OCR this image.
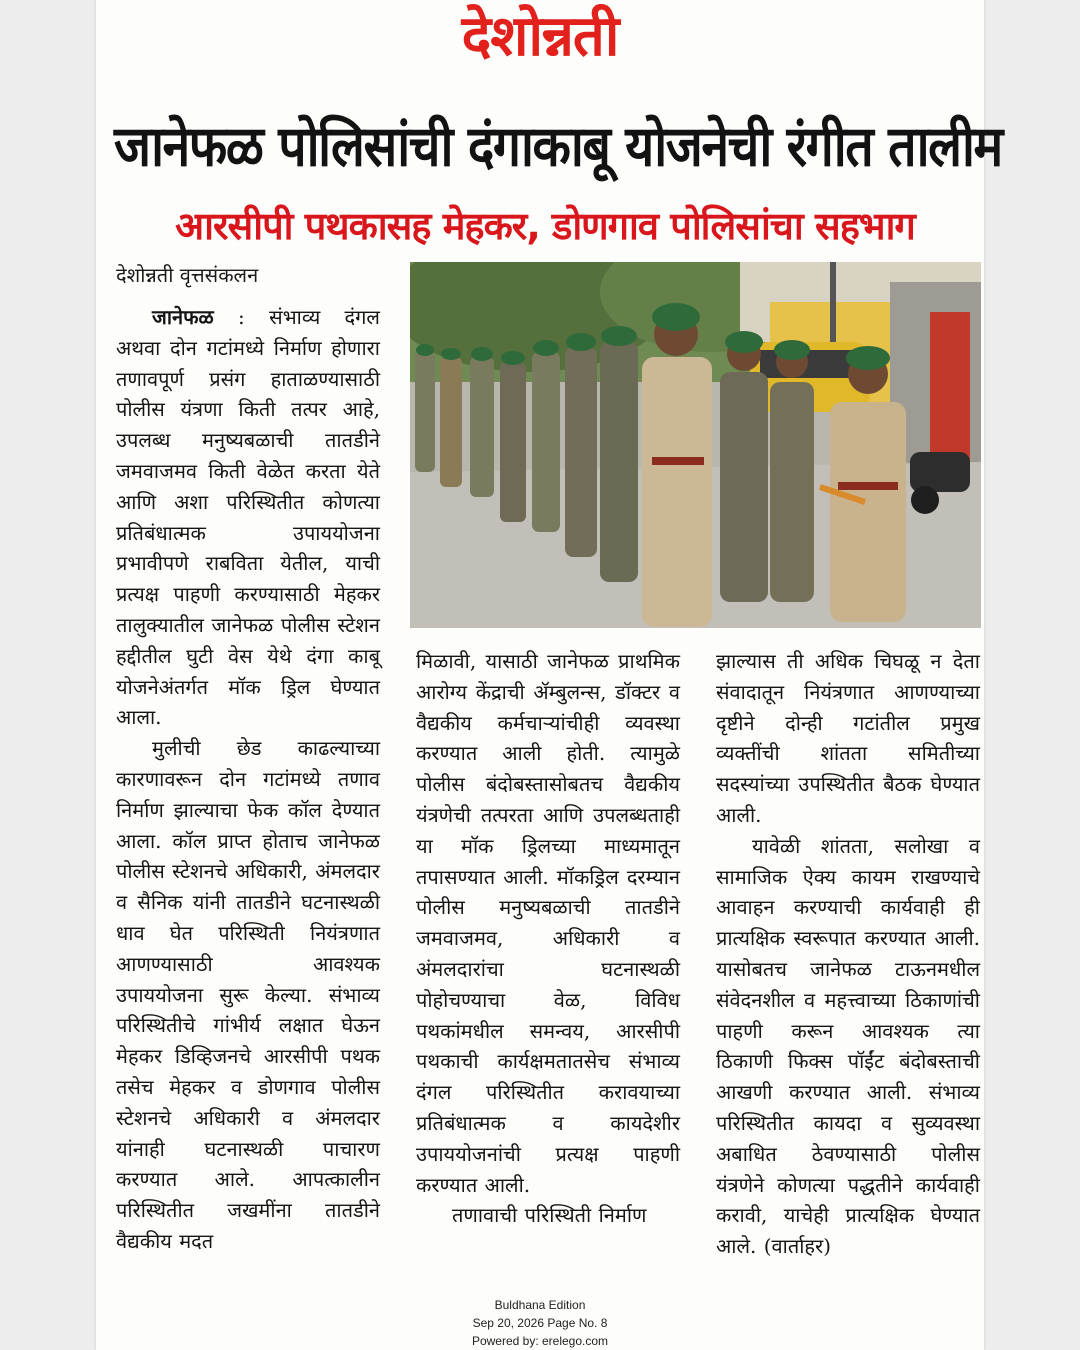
देशोन्नती
जानेफळ पोलिसांची दंगाकाबू योजनेची रंगीत तालीम
आरसीपी पथकासह मेहकर, डोणगाव पोलिसांचा सहभाग
देशोन्नती वृत्तसंकलन

जानेफळ : संभाव्य दंगल अथवा दोन गटांमध्ये निर्माण होणारा तणावपूर्ण प्रसंग हाताळण्यासाठी पोलीस यंत्रणा किती तत्पर आहे, उपलब्ध मनुष्यबळाची तातडीने जमवाजमव किती वेळेत करता येते आणि अशा परिस्थितीत कोणत्या प्रतिबंधात्मक उपाययोजना प्रभावीपणे राबविता येतील, याची प्रत्यक्ष पाहणी करण्यासाठी मेहकर तालुक्यातील जानेफळ पोलीस स्टेशन हद्दीतील घुटी वेस येथे दंगा काबू योजनेअंतर्गत मॉक ड्रिल घेण्यात आला.

मुलीची छेड काढल्याच्या कारणावरून दोन गटांमध्ये तणाव निर्माण झाल्याचा फेक कॉल देण्यात आला. कॉल प्राप्त होताच जानेफळ पोलीस स्टेशनचे अधिकारी, अंमलदार व सैनिक यांनी तातडीने घटनास्थळी धाव घेत परिस्थिती नियंत्रणात आणण्यासाठी आवश्यक उपाययोजना सुरू केल्या. संभाव्य परिस्थितीचे गांभीर्य लक्षात घेऊन मेहकर डिव्हिजनचे आरसीपी पथक तसेच मेहकर व डोणगाव पोलीस स्टेशनचे अधिकारी व अंमलदार यांनाही घटनास्थळी पाचारण करण्यात आले. आपत्कालीन परिस्थितीत जखमींना तातडीने वैद्यकीय मदत

मिळावी, यासाठी जानेफळ प्राथमिक आरोग्य केंद्राची ॲम्बुलन्स, डॉक्टर व वैद्यकीय कर्मचाऱ्यांचीही व्यवस्था करण्यात आली होती. त्यामुळे पोलीस बंदोबस्तासोबतच वैद्यकीय यंत्रणेची तत्परता आणि उपलब्धताही या मॉक ड्रिलच्या माध्यमातून तपासण्यात आली. मॉकड्रिल दरम्यान पोलीस मनुष्यबळाची तातडीने जमवाजमव, अधिकारी व अंमलदारांचा घटनास्थळी पोहोचण्याचा वेळ, विविध पथकांमधील समन्वय, आरसीपी पथकाची कार्यक्षमतातसेच संभाव्य दंगल परिस्थितीत करावयाच्या प्रतिबंधात्मक व कायदेशीर उपाययोजनांची प्रत्यक्ष पाहणी करण्यात आली.

तणावाची परिस्थिती निर्माण

झाल्यास ती अधिक चिघळू न देता संवादातून नियंत्रणात आणण्याच्या दृष्टीने दोन्ही गटांतील प्रमुख व्यक्तींची शांतता समितीच्या सदस्यांच्या उपस्थितीत बैठक घेण्यात आली.

यावेळी शांतता, सलोखा व सामाजिक ऐक्य कायम राखण्याचे आवाहन करण्याची कार्यवाही ही प्रात्यक्षिक स्वरूपात करण्यात आली. यासोबतच जानेफळ टाऊनमधील संवेदनशील व महत्त्वाच्या ठिकाणांची पाहणी करून आवश्यक त्या ठिकाणी फिक्स पॉईंट बंदोबस्ताची आखणी करण्यात आली. संभाव्य परिस्थितीत कायदा व सुव्यवस्था अबाधित ठेवण्यासाठी पोलीस यंत्रणेने कोणत्या पद्धतीने कार्यवाही करावी, याचेही प्रात्यक्षिक घेण्यात आले. (वार्ताहर)

Buldhana Edition
Sep 20, 2026 Page No. 8
Powered by: erelego.com
